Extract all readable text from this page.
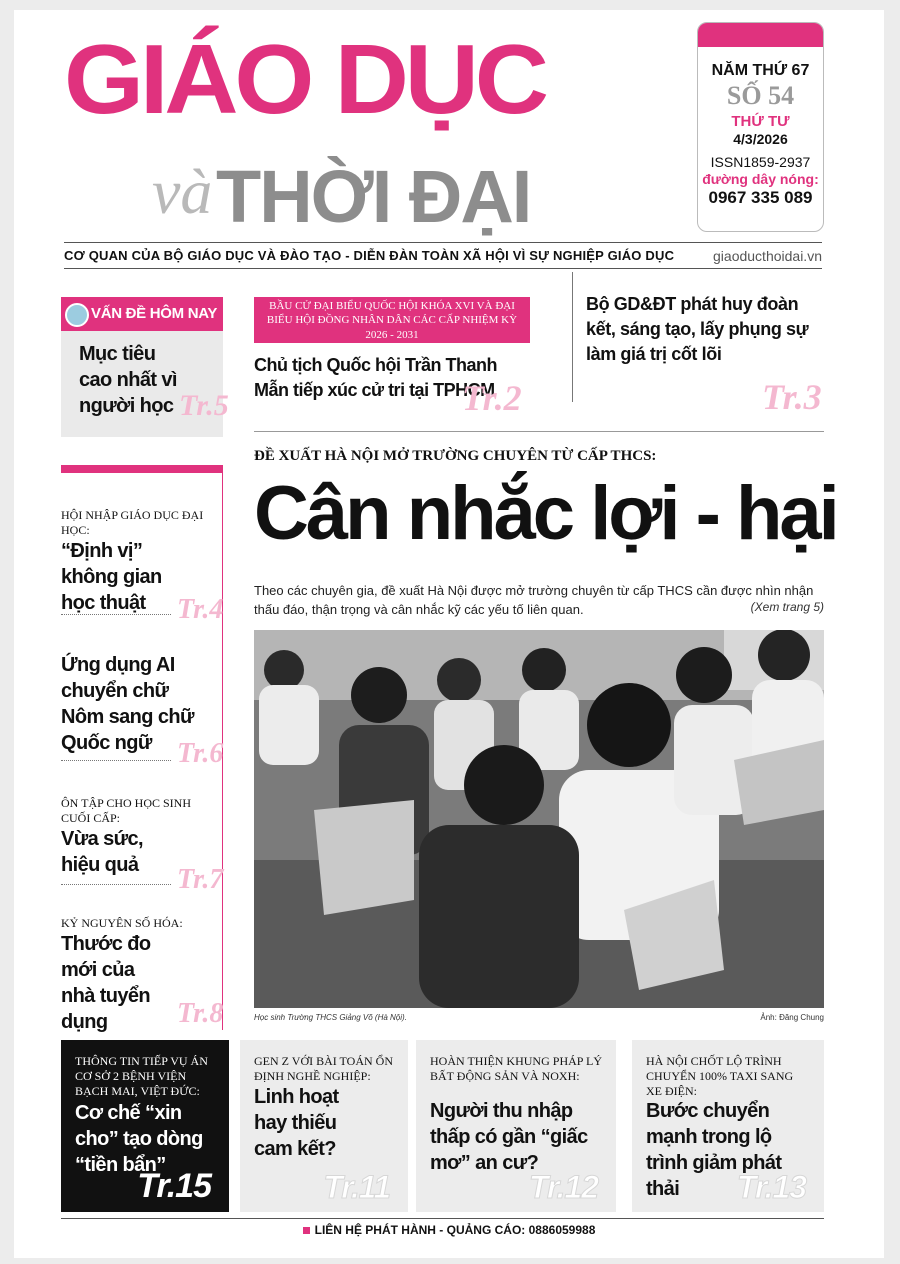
GIÁO DỤC
và THỜI ĐẠI
NĂM THỨ 67
SỐ 54
THỨ TƯ
4/3/2026
ISSN1859-2937
đường dây nóng:
0967 335 089
CƠ QUAN CỦA BỘ GIÁO DỤC VÀ ĐÀO TẠO - DIỄN ĐÀN TOÀN XÃ HỘI VÌ SỰ NGHIỆP GIÁO DỤC	giaoducthoidai.vn
VẤN ĐỀ HÔM NAY
Mục tiêu cao nhất vì người học Tr.5
BẦU CỬ ĐẠI BIỂU QUỐC HỘI KHÓA XVI VÀ ĐẠI BIỂU HỘI ĐỒNG NHÂN DÂN CÁC CẤP NHIỆM KỲ 2026 - 2031
Chủ tịch Quốc hội Trần Thanh Mẫn tiếp xúc cử tri tại TPHCM
Tr.2
Bộ GD&ĐT phát huy đoàn kết, sáng tạo, lấy phụng sự làm giá trị cốt lõi
Tr.3
HỘI NHẬP GIÁO DỤC ĐẠI HỌC:
“Định vị” không gian học thuật	Tr.4
Ứng dụng AI chuyển chữ Nôm sang chữ Quốc ngữ Tr.6
ÔN TẬP CHO HỌC SINH CUỐI CẤP:
Vừa sức, hiệu quả	Tr.7
KỶ NGUYÊN SỐ HÓA:
Thước đo mới của nhà tuyển dụng	Tr.8
ĐỀ XUẤT HÀ NỘI MỞ TRƯỜNG CHUYÊN TỪ CẤP THCS:
Cân nhắc lợi - hại
Theo các chuyên gia, đề xuất Hà Nội được mở trường chuyên từ cấp THCS cần được nhìn nhận thấu đáo, thận trọng và cân nhắc kỹ các yếu tố liên quan.	(Xem trang 5)
Học sinh Trường THCS Giảng Võ (Hà Nội).	Ảnh: Đăng Chung
THÔNG TIN TIẾP VỤ ÁN CƠ SỞ 2 BỆNH VIỆN BẠCH MAI, VIỆT ĐỨC:
Cơ chế “xin cho” tạo dòng “tiền bẩn”
Tr.15
GEN Z VỚI BÀI TOÁN ỔN ĐỊNH NGHỀ NGHIỆP:
Linh hoạt hay thiếu cam kết?
Tr.11
HOÀN THIỆN KHUNG PHÁP LÝ BẤT ĐỘNG SẢN VÀ NOXH:
Người thu nhập thấp có gần “giấc mơ” an cư?
Tr.12
HÀ NỘI CHỐT LỘ TRÌNH CHUYỂN 100% TAXI SANG XE ĐIỆN:
Bước chuyển mạnh trong lộ trình giảm phát thải	Tr.13
LIÊN HỆ PHÁT HÀNH - QUẢNG CÁO: 0886059988
